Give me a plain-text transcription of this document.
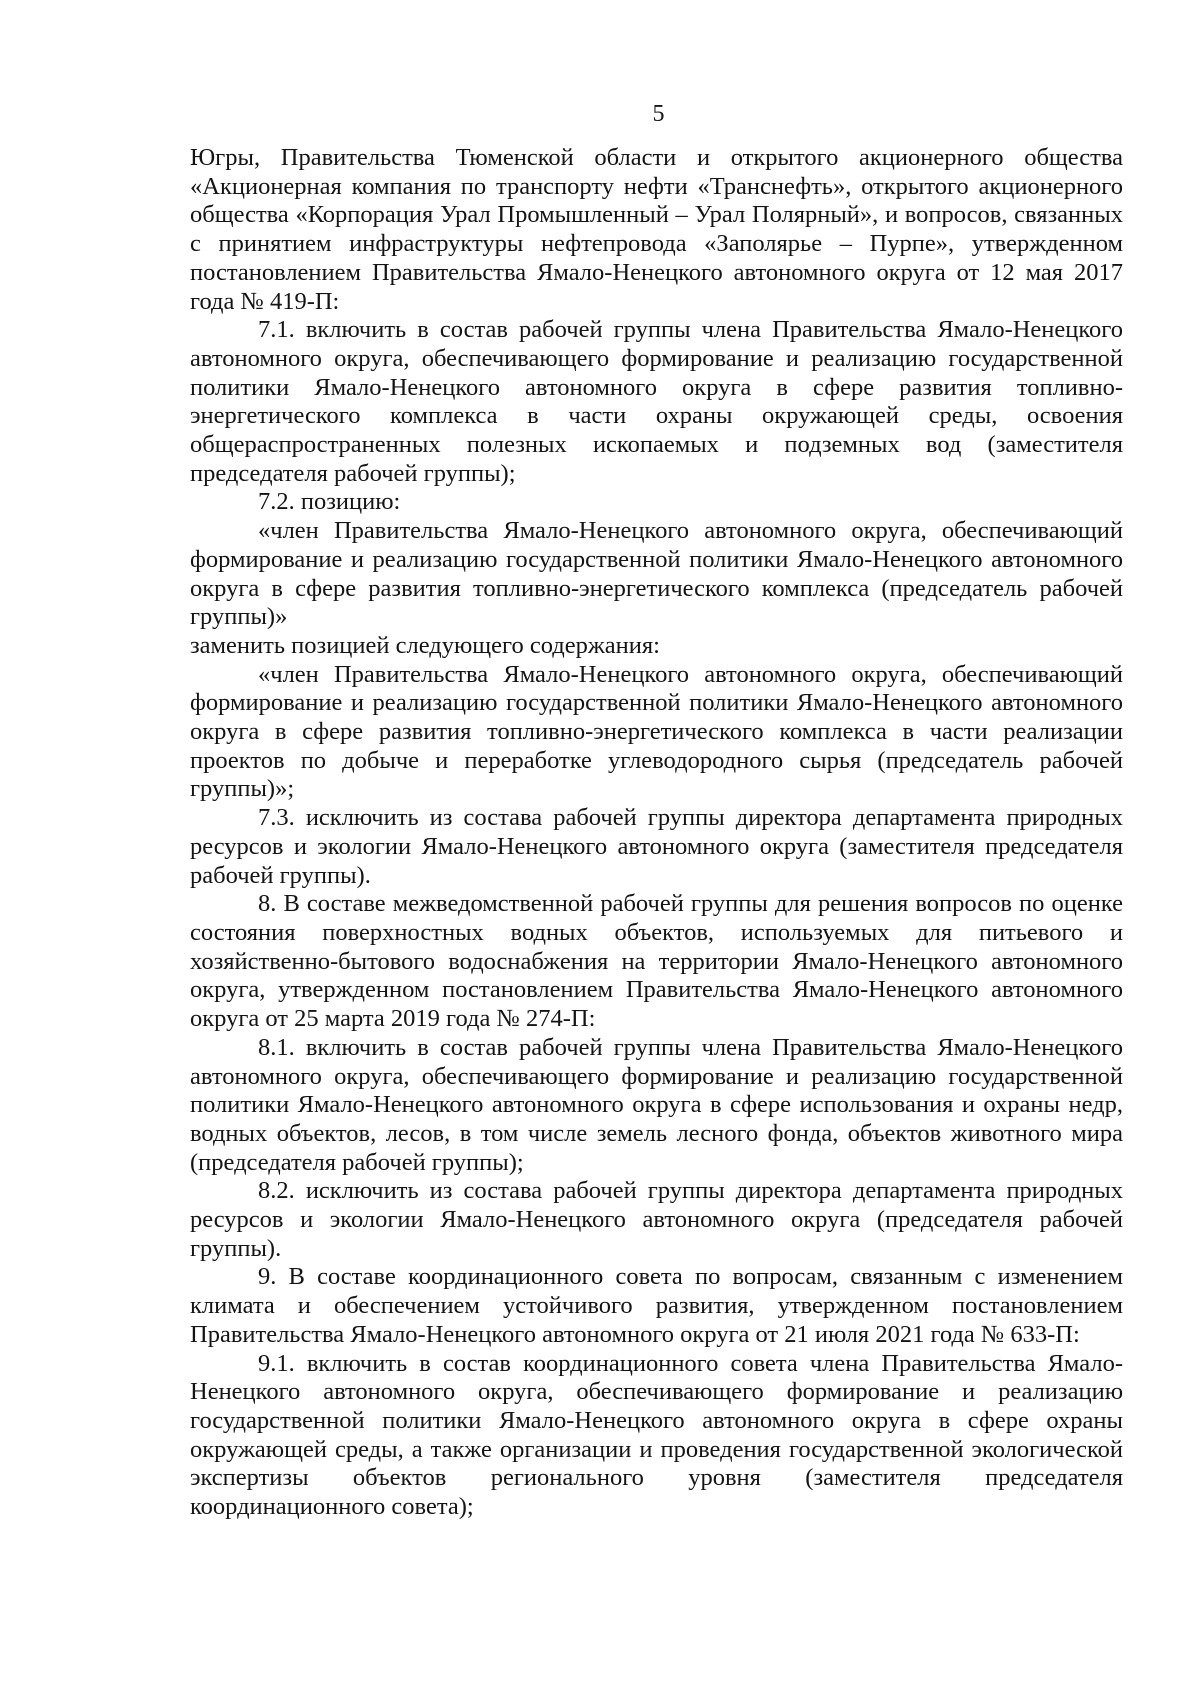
5

Югры, Правительства Тюменской области и открытого акционерного общества «Акционерная компания по транспорту нефти «Транснефть», открытого акционерного общества «Корпорация Урал Промышленный – Урал Полярный», и вопросов, связанных с принятием инфраструктуры нефтепровода «Заполярье – Пурпе», утвержденном постановлением Правительства Ямало-Ненецкого автономного округа от 12 мая 2017 года № 419-П:

7.1. включить в состав рабочей группы члена Правительства Ямало-Ненецкого автономного округа, обеспечивающего формирование и реализацию государственной политики Ямало-Ненецкого автономного округа в сфере развития топливно-энергетического комплекса в части охраны окружающей среды, освоения общераспространенных полезных ископаемых и подземных вод (заместителя председателя рабочей группы);

7.2. позицию:

«член Правительства Ямало-Ненецкого автономного округа, обеспечивающий формирование и реализацию государственной политики Ямало-Ненецкого автономного округа в сфере развития топливно-энергетического комплекса (председатель рабочей группы)»

заменить позицией следующего содержания:

«член Правительства Ямало-Ненецкого автономного округа, обеспечивающий формирование и реализацию государственной политики Ямало-Ненецкого автономного округа в сфере развития топливно-энергетического комплекса в части реализации проектов по добыче и переработке углеводородного сырья (председатель рабочей группы)»;

7.3. исключить из состава рабочей группы директора департамента природных ресурсов и экологии Ямало-Ненецкого автономного округа (заместителя председателя рабочей группы).

8. В составе межведомственной рабочей группы для решения вопросов по оценке состояния поверхностных водных объектов, используемых для питьевого и хозяйственно-бытового водоснабжения на территории Ямало-Ненецкого автономного округа, утвержденном постановлением Правительства Ямало-Ненецкого автономного округа от 25 марта 2019 года № 274-П:

8.1. включить в состав рабочей группы члена Правительства Ямало-Ненецкого автономного округа, обеспечивающего формирование и реализацию государственной политики Ямало-Ненецкого автономного округа в сфере использования и охраны недр, водных объектов, лесов, в том числе земель лесного фонда, объектов животного мира (председателя рабочей группы);

8.2. исключить из состава рабочей группы директора департамента природных ресурсов и экологии Ямало-Ненецкого автономного округа (председателя рабочей группы).

9. В составе координационного совета по вопросам, связанным с изменением климата и обеспечением устойчивого развития, утвержденном постановлением Правительства Ямало-Ненецкого автономного округа от 21 июля 2021 года № 633-П:

9.1. включить в состав координационного совета члена Правительства Ямало-Ненецкого автономного округа, обеспечивающего формирование и реализацию государственной политики Ямало-Ненецкого автономного округа в сфере охраны окружающей среды, а также организации и проведения государственной экологической экспертизы объектов регионального уровня (заместителя председателя координационного совета);
